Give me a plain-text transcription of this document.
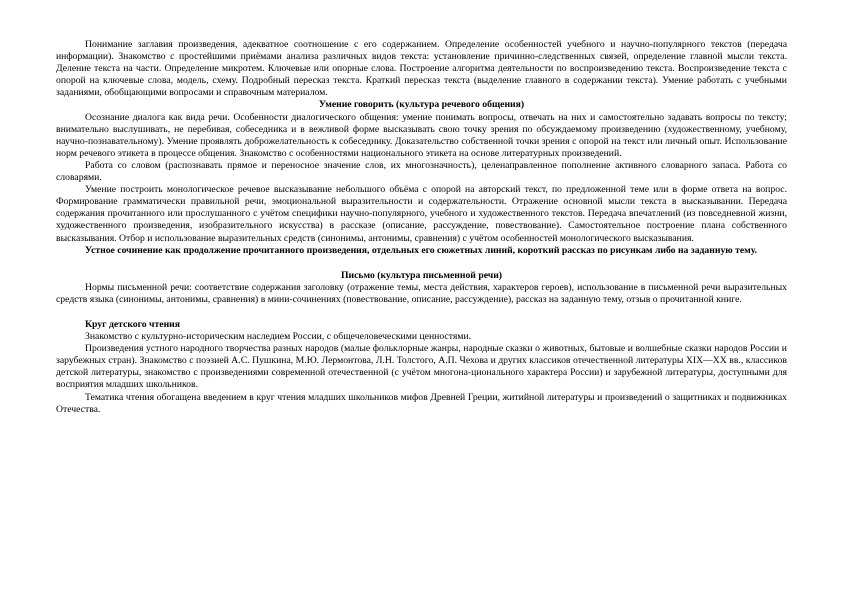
Понимание заглавия произведения, адекватное соотношение с его содержанием. Определение особенностей учебного и научно-популярного текстов (передача информации). Знакомство с простейшими приёмами анализа различных видов текста: установление причинно-следственных связей, определение главной мысли текста. Деление текста на части. Определение микротем. Ключевые или опорные слова. Построение алгоритма деятельности по воспроизведению текста. Воспроизведение текста с опорой на ключевые слова, модель, схему. Подробный пересказ текста. Краткий пересказ текста (выделение главного в содержании текста). Умение работать с учебными заданиями, обобщающими вопросами и справочным материалом.

Умение говорить (культура речевого общения)

Осознание диалога как вида речи. Особенности диалогического общения: умение понимать вопросы, отвечать на них и самостоятельно задавать вопросы по тексту; внимательно выслушивать, не перебивая, собеседника и в вежливой форме высказывать свою точку зрения по обсуждаемому произведению (художественному, учебному, научно-познавательному). Умение проявлять доброжелательность к собеседнику. Доказательство собственной точки зрения с опорой на текст или личный опыт. Использование норм речевого этикета в процессе общения. Знакомство с особенностями национального этикета на основе литературных произведений.

Работа со словом (распознавать прямое и переносное значение слов, их многозначность), целенаправленное пополнение активного словарного запаса. Работа со словарями.

Умение построить монологическое речевое высказывание небольшого объёма с опорой на авторский текст, по предложенной теме или в форме ответа на вопрос. Формирование грамматически правильной речи, эмоциональной выразительности и содержательности. Отражение основной мысли текста в высказывании. Передача содержания прочитанного или прослушанного с учётом специфики научно-популярного, учебного и художественного текстов. Передача впечатлений (из повседневной жизни, художественного произведения, изобразительного искусства) в рассказе (описание, рассуждение, повествование). Самостоятельное построение плана собственного высказывания. Отбор и использование выразительных средств (синонимы, антонимы, сравнения) с учётом особенностей монологического высказывания.

Устное сочинение как продолжение прочитанного произведения, отдельных его сюжетных линий, короткий рассказ по рисункам либо на заданную тему.

Письмо (культура письменной речи)

Нормы письменной речи: соответствие содержания заголовку (отражение темы, места действия, характеров героев), использование в письменной речи выразительных средств языка (синонимы, антонимы, сравнения) в мини-сочинениях (повествование, описание, рассуждение), рассказ на заданную тему, отзыв о прочитанной книге.

Круг детского чтения

Знакомство с культурно-историческим наследием России, с общечеловеческими ценностями.

Произведения устного народного творчества разных народов (малые фольклорные жанры, народные сказки о животных, бытовые и волшебные сказки народов России и зарубежных стран). Знакомство с поэзией А.С. Пушкина, М.Ю. Лермонтова, Л.Н. Толстого, А.П. Чехова и других классиков отечественной литературы XIX—XX вв., классиков детской литературы, знакомство с произведениями современной отечественной (с учётом многона-ционального характера России) и зарубежной литературы, доступными для восприятия младших школьников.

Тематика чтения обогащена введением в круг чтения младших школьников мифов Древней Греции, житийной литературы и произведений о защитниках и подвижниках Отечества.
